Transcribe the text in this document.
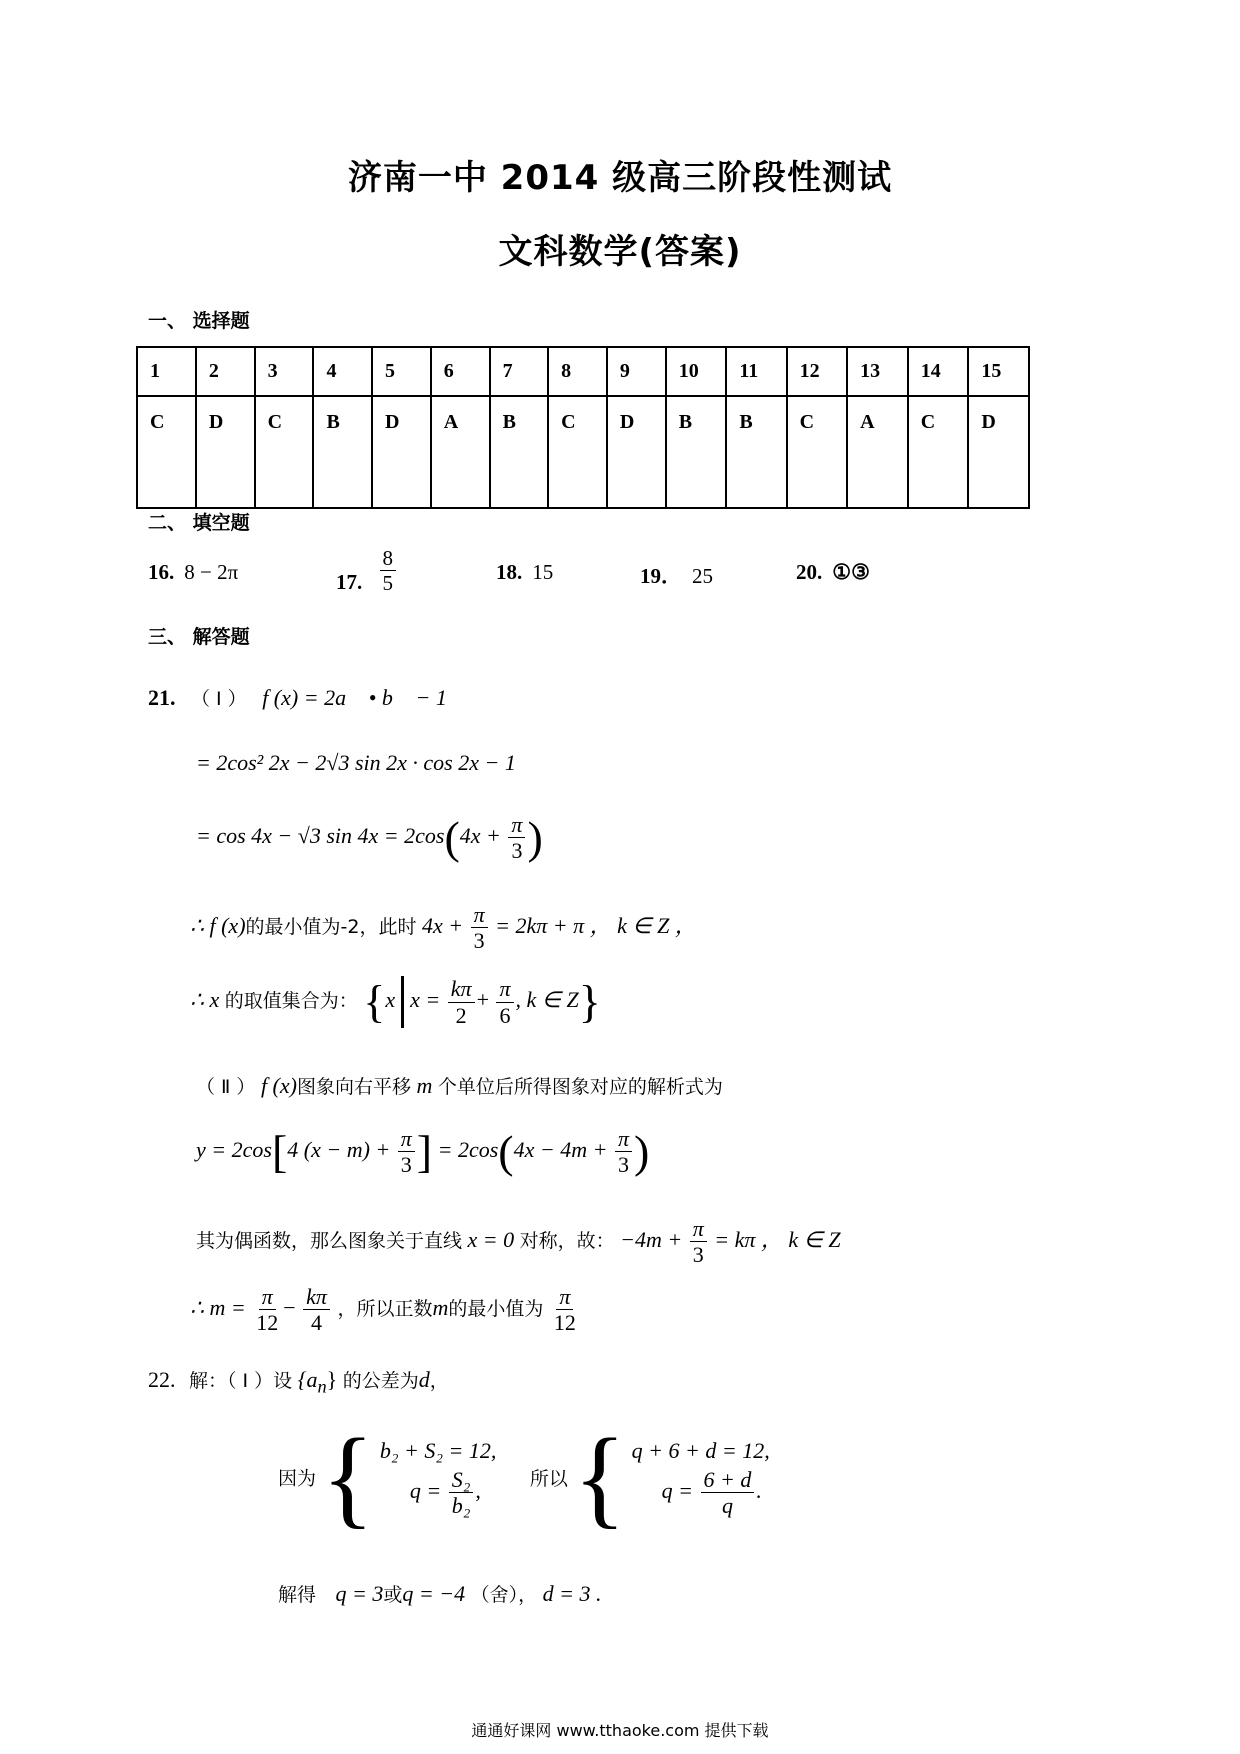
济南一中 2014 级高三阶段性测试
文科数学(答案)
一、 选择题
1	2	3	4	5	6	7	8	9	10	11	12	13	14	15
C	D	C	B	D	A	B	C	D	B	B	C	A	C	D
二、 填空题
16. 8 − 2π	17. $\frac{8}{5}$	18. 15	19． 25	20. ①③
三、 解答题
21. （ Ⅰ ） f (x) = 2a⃗ • b⃗ − 1
= 2cos² 2x − 2√3 sin 2x · cos 2x − 1
= cos 4x − √3 $\sin 4x = 2\cos(4x + \frac{\pi}{3}$ )
∴ f (x)的最小值为-2，此时 $4x + \frac{\pi}{3} = 2k\pi + \pi$ ， k ∈ Z ，
∴ x 的取值集合为： {x $x = \frac{k\pi}{2} + \frac{\pi}{6}$ , k ∈ Z}
（ Ⅱ ） f (x)图象向右平移 m 个单位后所得图象对应的解析式为
y = 2cos[4 $(x - m) + \frac{\pi}{3}$ ] = $2\cos(4x - 4m + \frac{\pi}{3}$ )
其为偶函数，那么图象关于直线 x = 0 对称，故： $-4m + \frac{\pi}{3} = k\pi$ ， k ∈ Z
∴ $m = \frac{\pi}{12} - \frac{k\pi}{4}$ ，所以正数m的最小值为 $\frac{\pi}{12}$
22. 解：（ Ⅰ ）设 $\{a_n\}$ 的公差为d，
因为 { b₂ + S₂ = 12,
$q = \frac{\text{S₂}}{\text{b₂}}$ ,	所以 { q + 6 + d = 12,
$q = \frac{6 + d}{q}$ .
解得 q = 3或q = −4 （舍）， d = 3 .
通通好课网 www.tthaoke.com 提供下载
